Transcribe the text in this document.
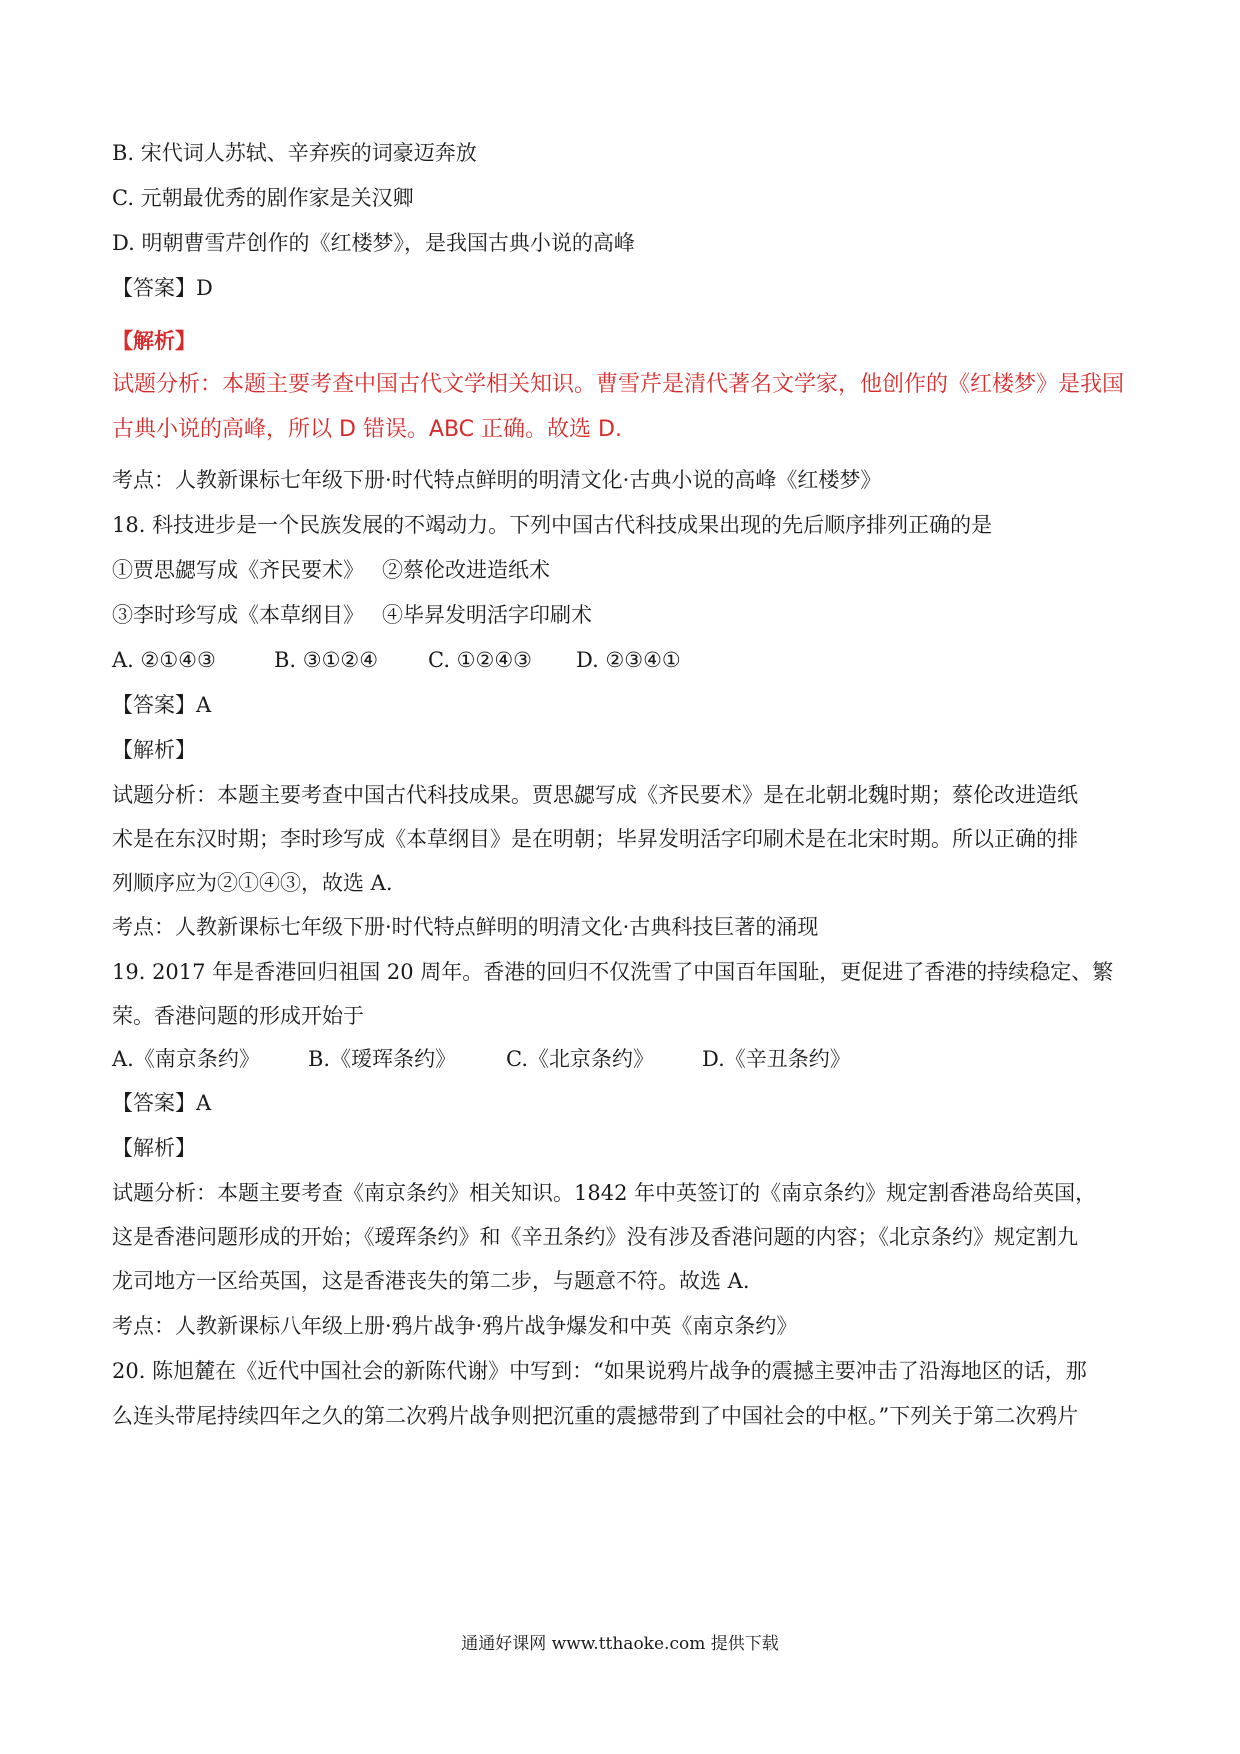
B. 宋代词人苏轼、辛弃疾的词豪迈奔放
C. 元朝最优秀的剧作家是关汉卿
D. 明朝曹雪芹创作的《红楼梦》，是我国古典小说的高峰
【答案】D
【解析】
试题分析：本题主要考查中国古代文学相关知识。曹雪芹是清代著名文学家，他创作的《红楼梦》是我国
古典小说的高峰，所以 D 错误。ABC 正确。故选 D.
考点：人教新课标七年级下册·时代特点鲜明的明清文化·古典小说的高峰《红楼梦》
18. 科技进步是一个民族发展的不竭动力。下列中国古代科技成果出现的先后顺序排列正确的是
①贾思勰写成《齐民要术》 ②蔡伦改进造纸术
③李时珍写成《本草纲目》 ④毕昇发明活字印刷术
A. ②①④③	B. ③①②④ C. ①②④③ D. ②③④①
【答案】A
【解析】
试题分析：本题主要考查中国古代科技成果。贾思勰写成《齐民要术》是在北朝北魏时期；蔡伦改进造纸
术是在东汉时期；李时珍写成《本草纲目》是在明朝；毕昇发明活字印刷术是在北宋时期。所以正确的排
列顺序应为②①④③，故选 A.
考点：人教新课标七年级下册·时代特点鲜明的明清文化·古典科技巨著的涌现
19. 2017 年是香港回归祖国 20 周年。香港的回归不仅洗雪了中国百年国耻，更促进了香港的持续稳定、繁
荣。香港问题的形成开始于
A.《南京条约》 B.《瑷珲条约》 C.《北京条约》 D.《辛丑条约》
【答案】A
【解析】
试题分析：本题主要考查《南京条约》相关知识。1842 年中英签订的《南京条约》规定割香港岛给英国，
这是香港问题形成的开始；《瑷珲条约》和《辛丑条约》没有涉及香港问题的内容；《北京条约》规定割九
龙司地方一区给英国，这是香港丧失的第二步，与题意不符。故选 A.
考点：人教新课标八年级上册·鸦片战争·鸦片战争爆发和中英《南京条约》
20. 陈旭麓在《近代中国社会的新陈代谢》中写到：“如果说鸦片战争的震撼主要冲击了沿海地区的话，那
么连头带尾持续四年之久的第二次鸦片战争则把沉重的震撼带到了中国社会的中枢。”下列关于第二次鸦片
通通好课网 www.tthaoke.com 提供下载
